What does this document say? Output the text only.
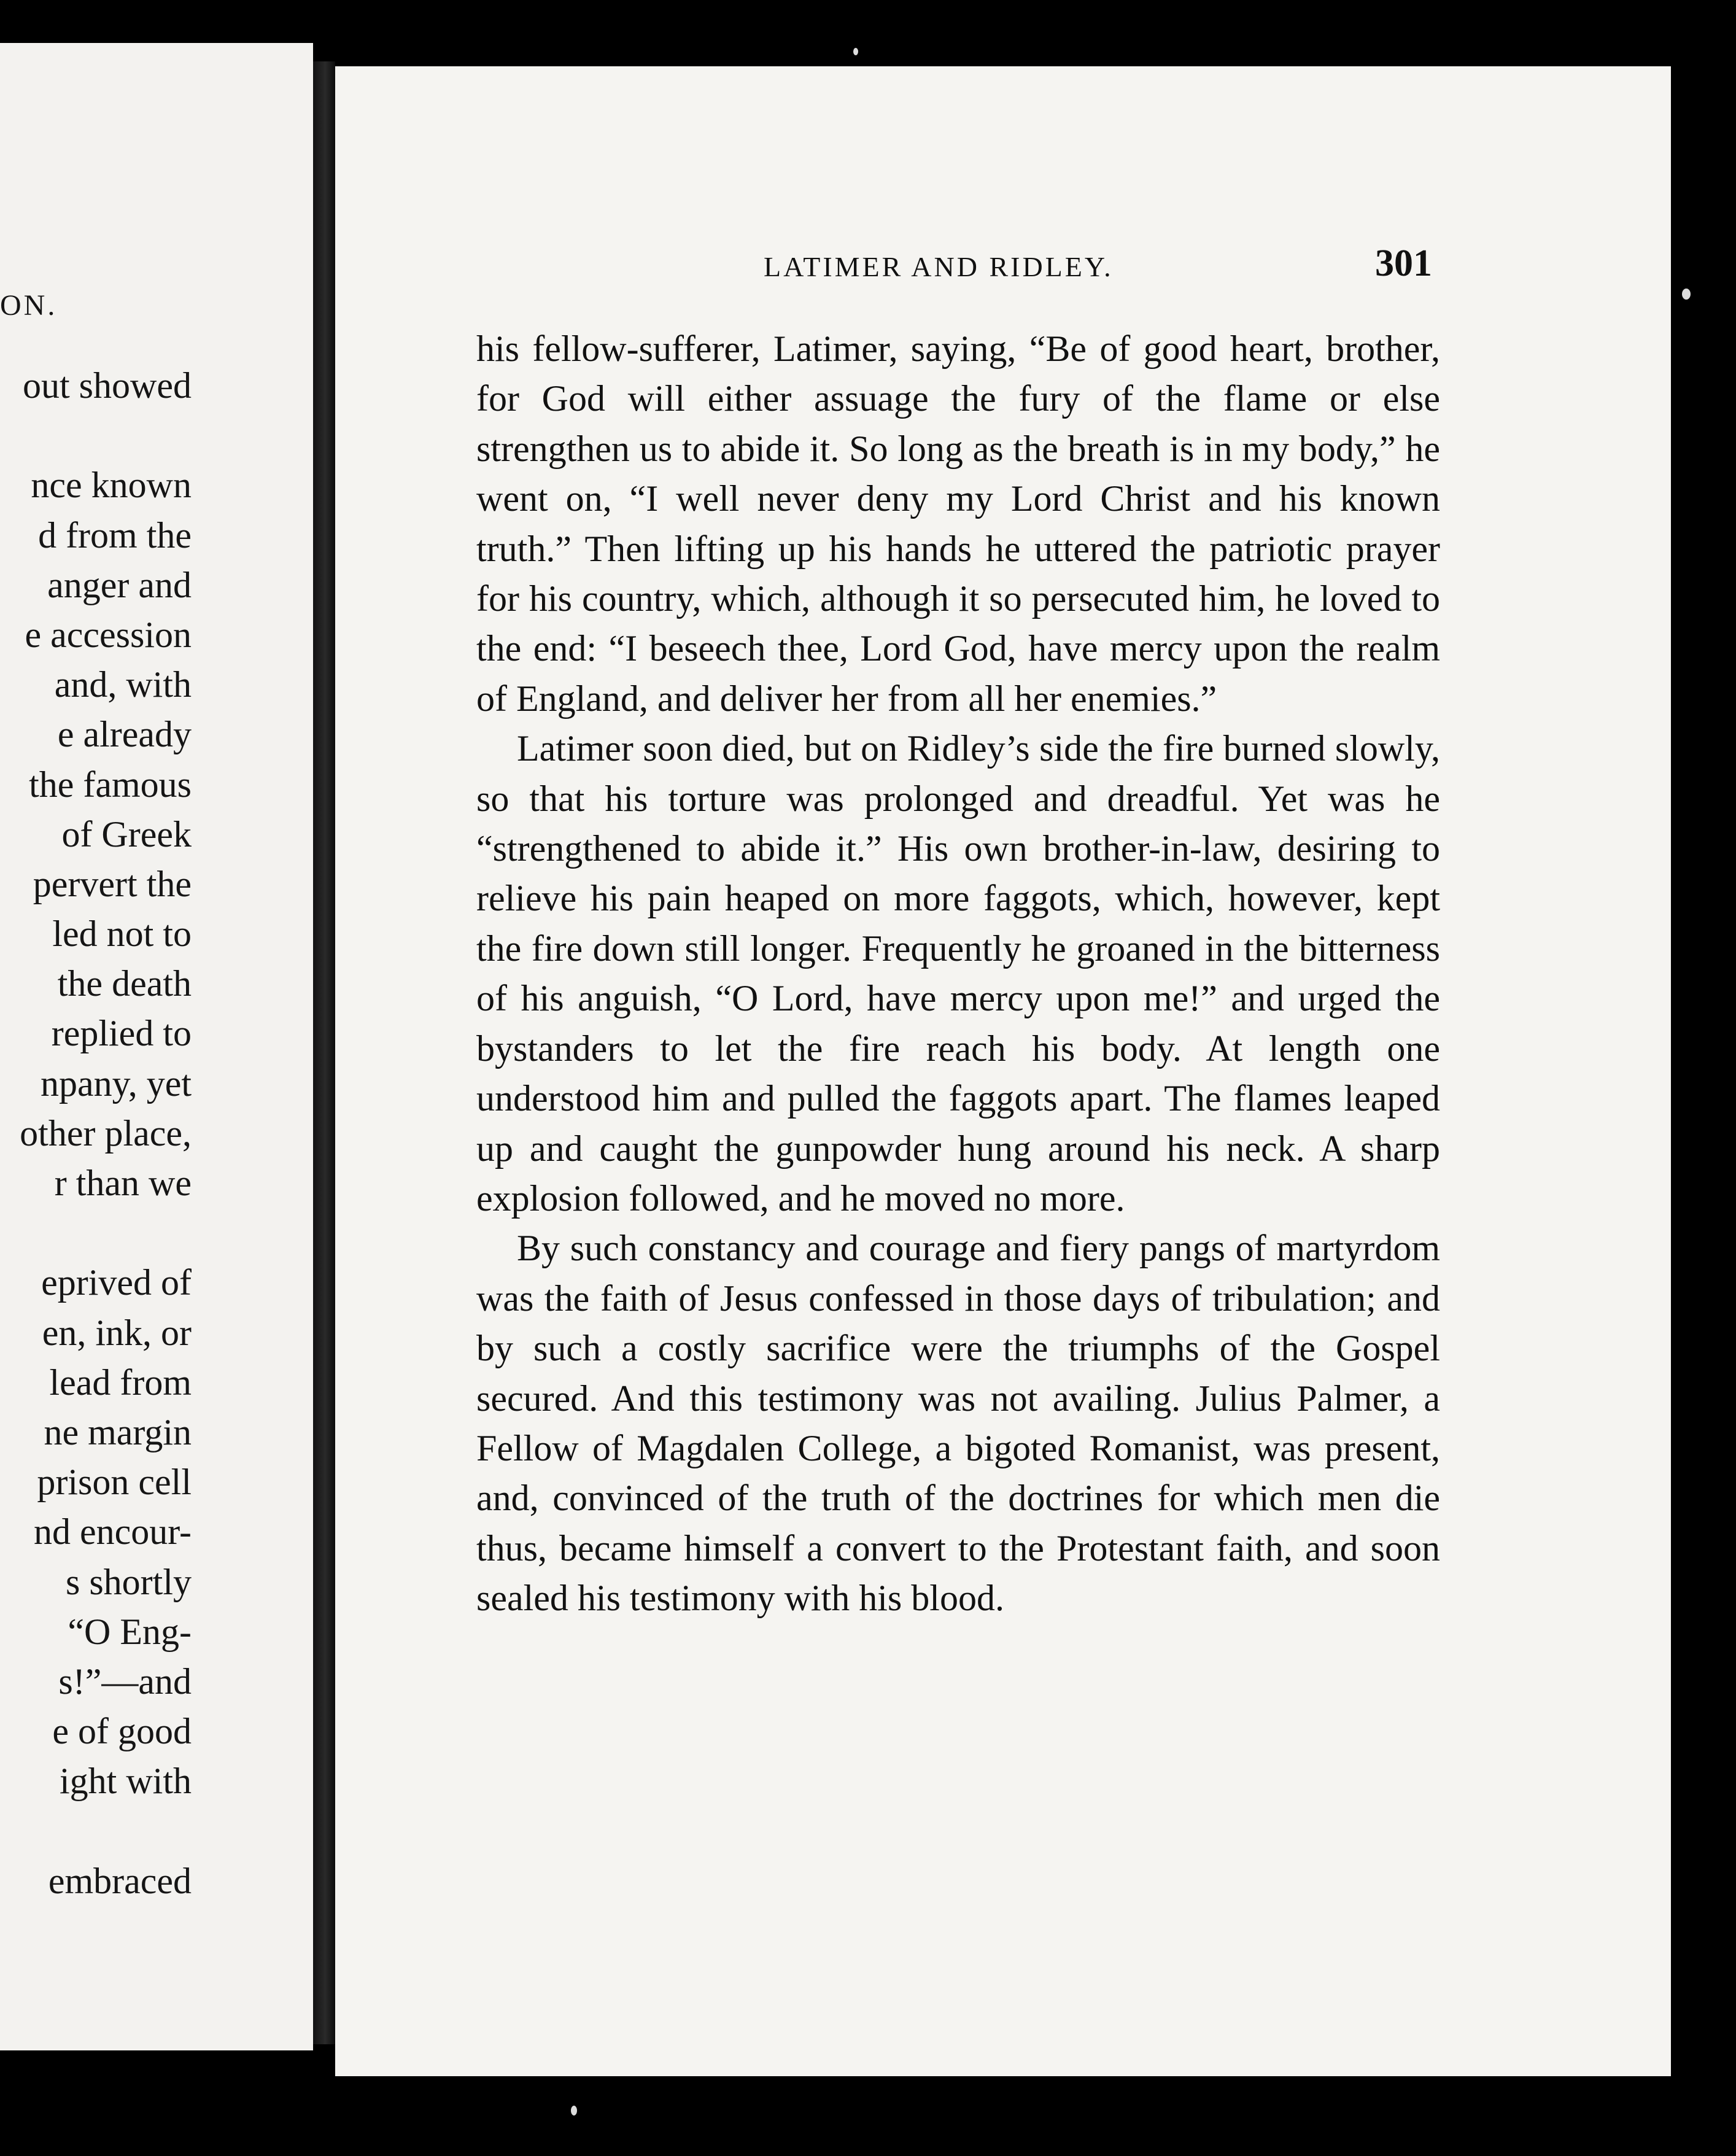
ON.
out showed
nce known
d from the
anger and
e accession
and, with
e already
the famous
of Greek
pervert the
led not to
the death
replied to
npany, yet
other place,
r than we
eprived of
en, ink, or
lead from
ne margin
prison cell
nd encour-
s shortly
“O Eng-
s!”—and
e of good
ight with
embraced
LATIMER AND RIDLEY.	301

his fellow-sufferer, Latimer, saying, “Be of good heart, brother, for God will either assuage the fury of the flame or else strengthen us to abide it. So long as the breath is in my body,” he went on, “I well never deny my Lord Christ and his known truth.” Then lifting up his hands he uttered the patriotic prayer for his country, which, although it so persecuted him, he loved to the end: “I beseech thee, Lord God, have mercy upon the realm of England, and deliver her from all her enemies.”

Latimer soon died, but on Ridley’s side the fire burned slowly, so that his torture was prolonged and dreadful. Yet was he “strengthened to abide it.” His own brother-in-law, desiring to relieve his pain heaped on more faggots, which, however, kept the fire down still longer. Frequently he groaned in the bitterness of his anguish, “O Lord, have mercy upon me!” and urged the bystanders to let the fire reach his body. At length one understood him and pulled the faggots apart. The flames leaped up and caught the gunpowder hung around his neck. A sharp explosion followed, and he moved no more.

By such constancy and courage and fiery pangs of martyrdom was the faith of Jesus confessed in those days of tribulation; and by such a costly sacrifice were the triumphs of the Gospel secured. And this testimony was not availing. Julius Palmer, a Fellow of Magdalen College, a bigoted Romanist, was present, and, convinced of the truth of the doctrines for which men die thus, became himself a convert to the Protestant faith, and soon sealed his testimony with his blood.
